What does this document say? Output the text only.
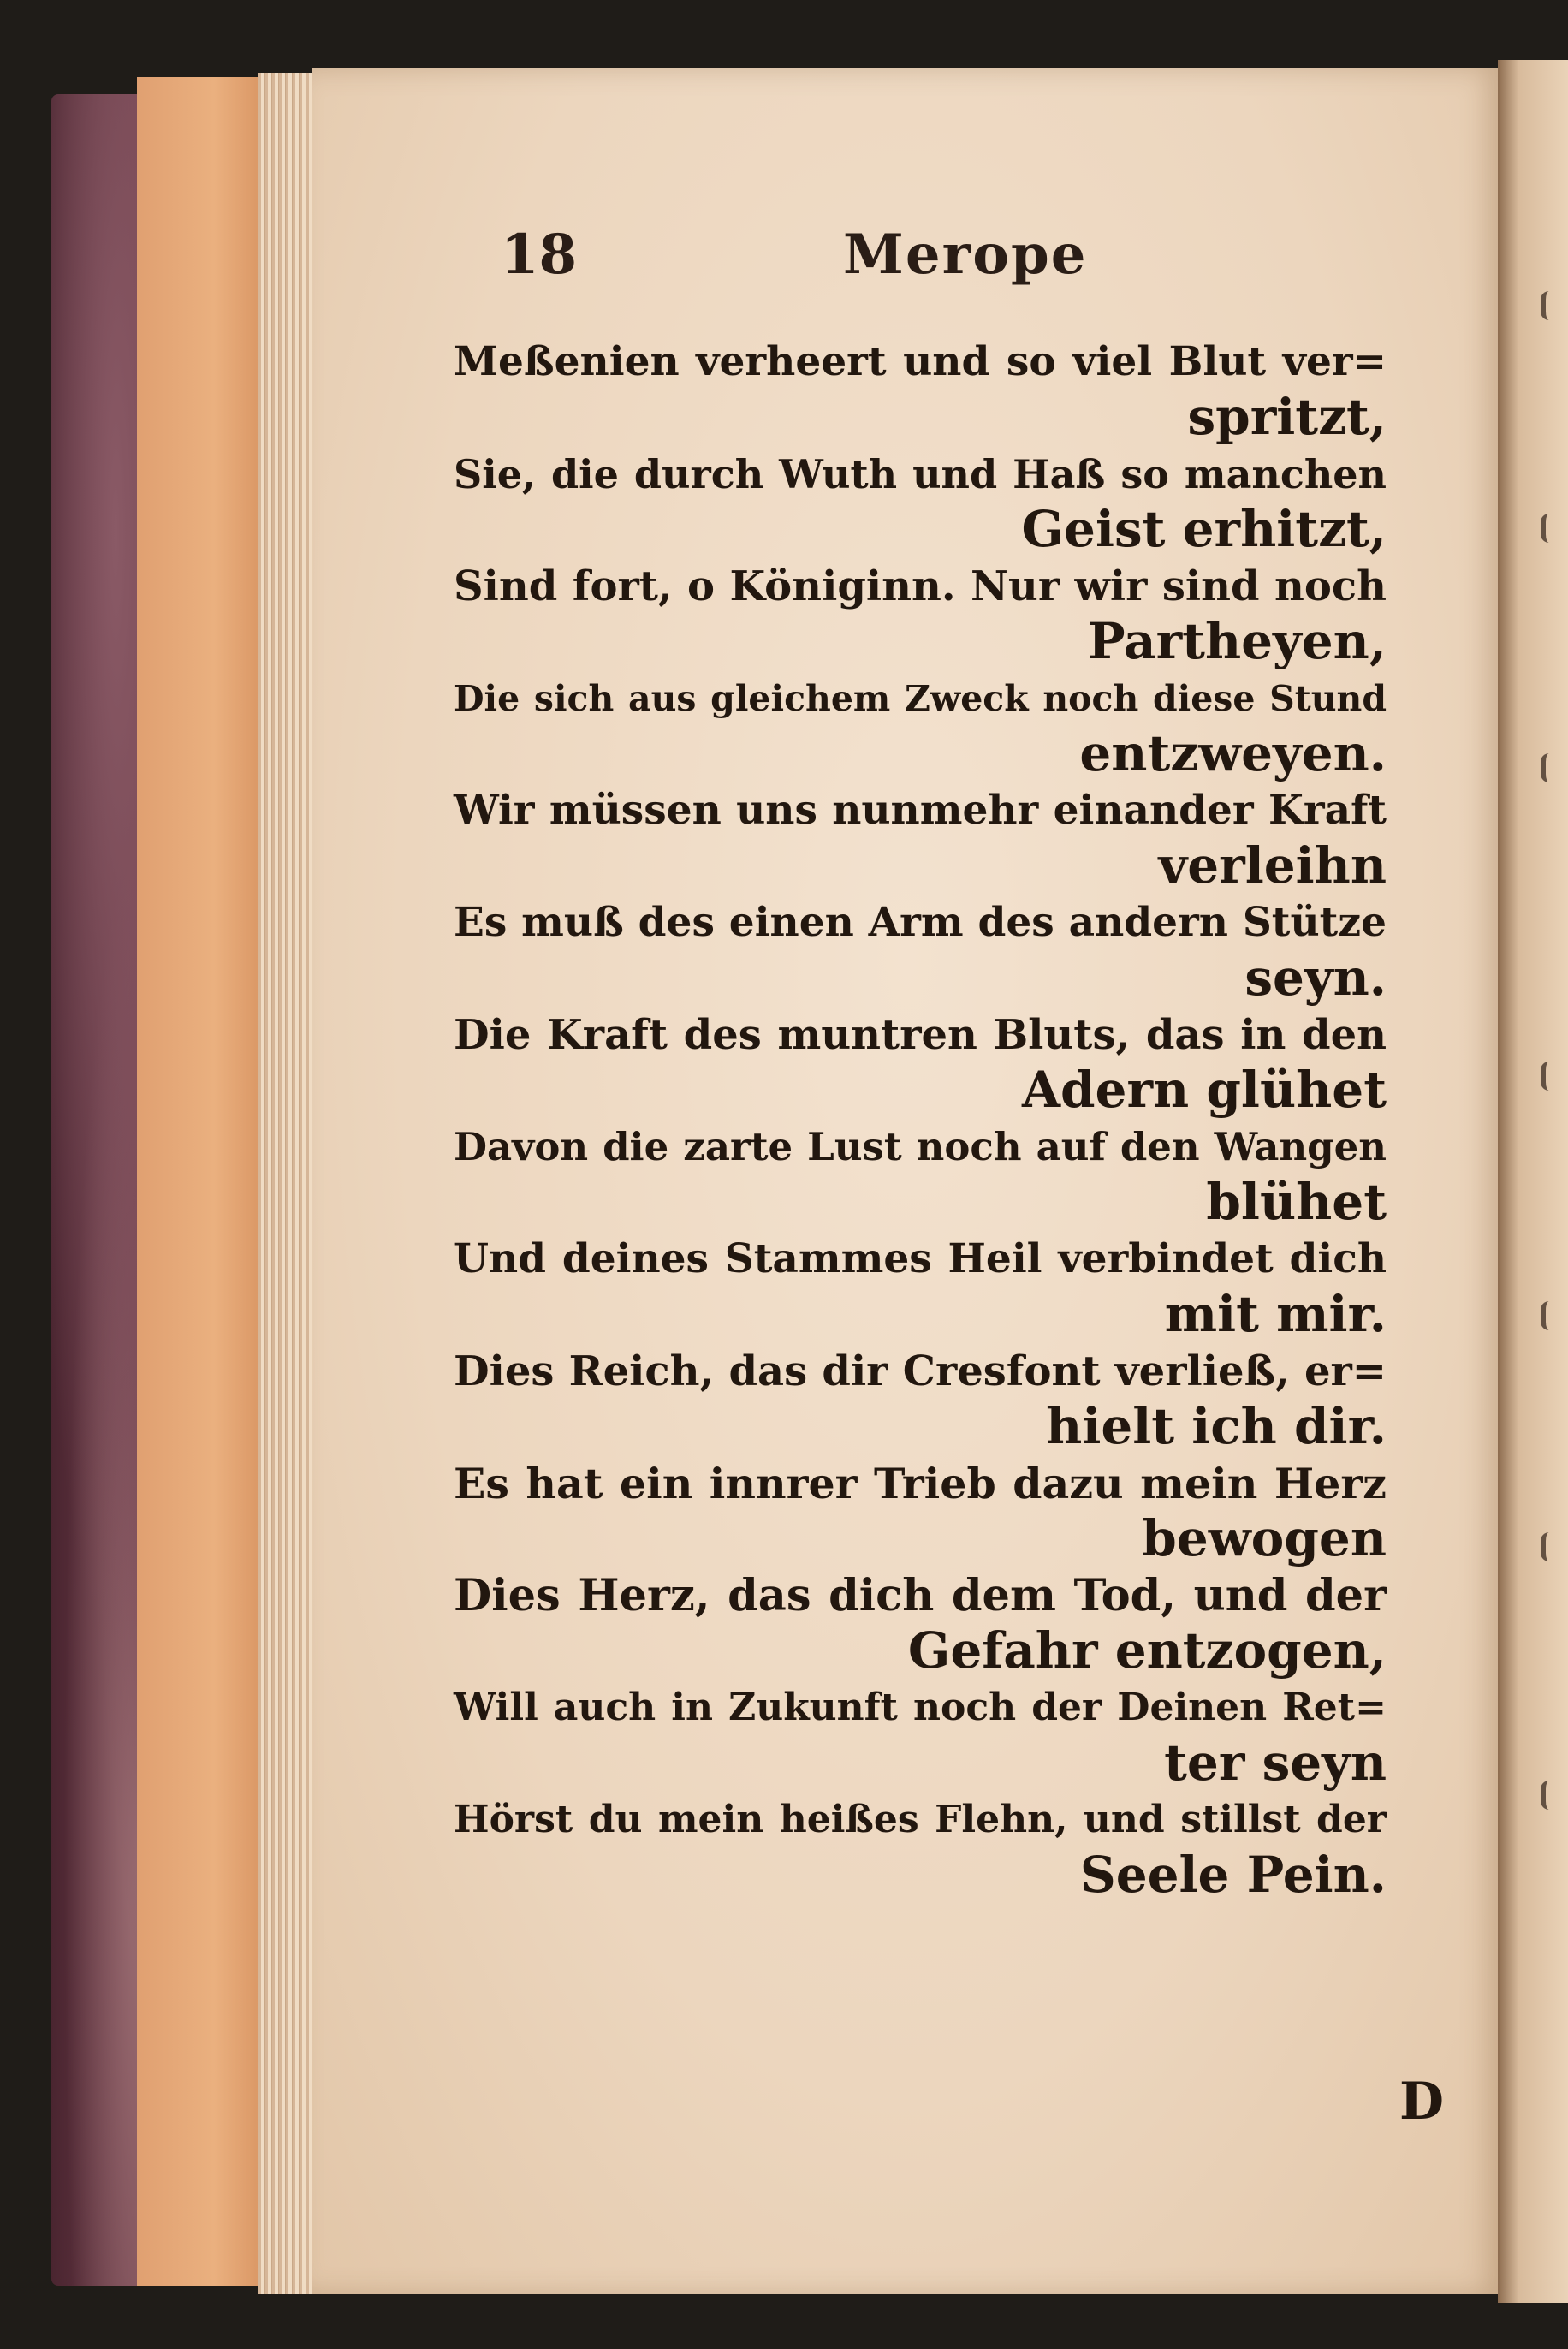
18	Merope
Meßenien verheert und so viel Blut ver=
spritzt,
Sie, die durch Wuth und Haß so manchen
Geist erhitzt,
Sind fort, o Königinn. Nur wir sind noch
Partheyen,
Die sich aus gleichem Zweck noch diese Stund
entzweyen.
Wir müssen uns nunmehr einander Kraft
verleihn
Es muß des einen Arm des andern Stütze
seyn.
Die Kraft des muntren Bluts, das in den
Adern glühet
Davon die zarte Lust noch auf den Wangen
blühet
Und deines Stammes Heil verbindet dich
mit mir.
Dies Reich, das dir Cresfont verließ, er=
hielt ich dir.
Es hat ein innrer Trieb dazu mein Herz
bewogen
Dies Herz, das dich dem Tod, und der
Gefahr entzogen,
Will auch in Zukunft noch der Deinen Ret=
ter seyn
Hörst du mein heißes Flehn, und stillst der
Seele Pein.
D
